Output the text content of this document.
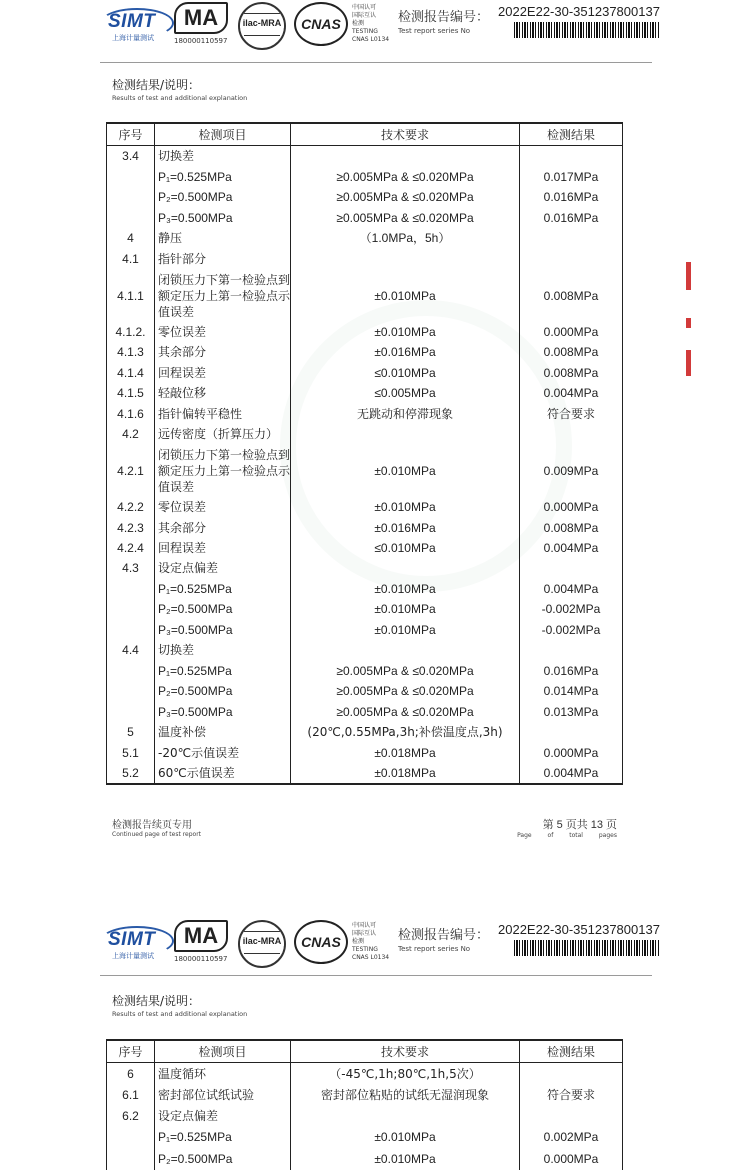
SIMT
上海计量测试
MA
180000110597
ilac-MRA	CNAS
中国认可
国际互认
检测
TESTING
CNAS L0134
检测报告编号：
Test report series No
2022E22-30-351237800137
检测结果/说明：
Results of test and additional explanation
序号	检测项目	技术要求	检测结果
3.4	切换差		
	P₁=0.525MPa	≥0.005MPa & ≤0.020MPa	0.017MPa
	P₂=0.500MPa	≥0.005MPa & ≤0.020MPa	0.016MPa
	P₃=0.500MPa	≥0.005MPa & ≤0.020MPa	0.016MPa
4	静压	（1.0MPa，5h）	
4.1	指针部分		
4.1.1	闭锁压力下第一检验点到额定压力上第一检验点示值误差	±0.010MPa	0.008MPa
4.1.2.	零位误差	±0.010MPa	0.000MPa
4.1.3	其余部分	±0.016MPa	0.008MPa
4.1.4	回程误差	≤0.010MPa	0.008MPa
4.1.5	轻敲位移	≤0.005MPa	0.004MPa
4.1.6	指针偏转平稳性	无跳动和停滞现象	符合要求
4.2	远传密度（折算压力）		
4.2.1	闭锁压力下第一检验点到额定压力上第一检验点示值误差	±0.010MPa	0.009MPa
4.2.2	零位误差	±0.010MPa	0.000MPa
4.2.3	其余部分	±0.016MPa	0.008MPa
4.2.4	回程误差	≤0.010MPa	0.004MPa
4.3	设定点偏差		
	P₁=0.525MPa	±0.010MPa	0.004MPa
	P₂=0.500MPa	±0.010MPa	-0.002MPa
	P₃=0.500MPa	±0.010MPa	-0.002MPa
4.4	切换差		
	P₁=0.525MPa	≥0.005MPa & ≤0.020MPa	0.016MPa
	P₂=0.500MPa	≥0.005MPa & ≤0.020MPa	0.014MPa
	P₃=0.500MPa	≥0.005MPa & ≤0.020MPa	0.013MPa
5	温度补偿	(20℃,0.55MPa,3h;补偿温度点,3h)	
5.1	-20℃示值误差	±0.018MPa	0.000MPa
5.2	60℃示值误差	±0.018MPa	0.004MPa
检测报告续页专用
Continued page of test report
第 5 页共 13 页
Page	of total	pages
SIMT
上海计量测试
MA
180000110597
ilac-MRA	CNAS
中国认可
国际互认
检测
TESTING
CNAS L0134
检测报告编号：
Test report series No
2022E22-30-351237800137
检测结果/说明：
Results of test and additional explanation
序号	检测项目	技术要求	检测结果
6	温度循环	（-45℃,1h;80℃,1h,5次）	
6.1	密封部位试纸试验	密封部位粘贴的试纸无湿润现象	符合要求
6.2	设定点偏差		
	P₁=0.525MPa	±0.010MPa	0.002MPa
	P₂=0.500MPa	±0.010MPa	0.000MPa
